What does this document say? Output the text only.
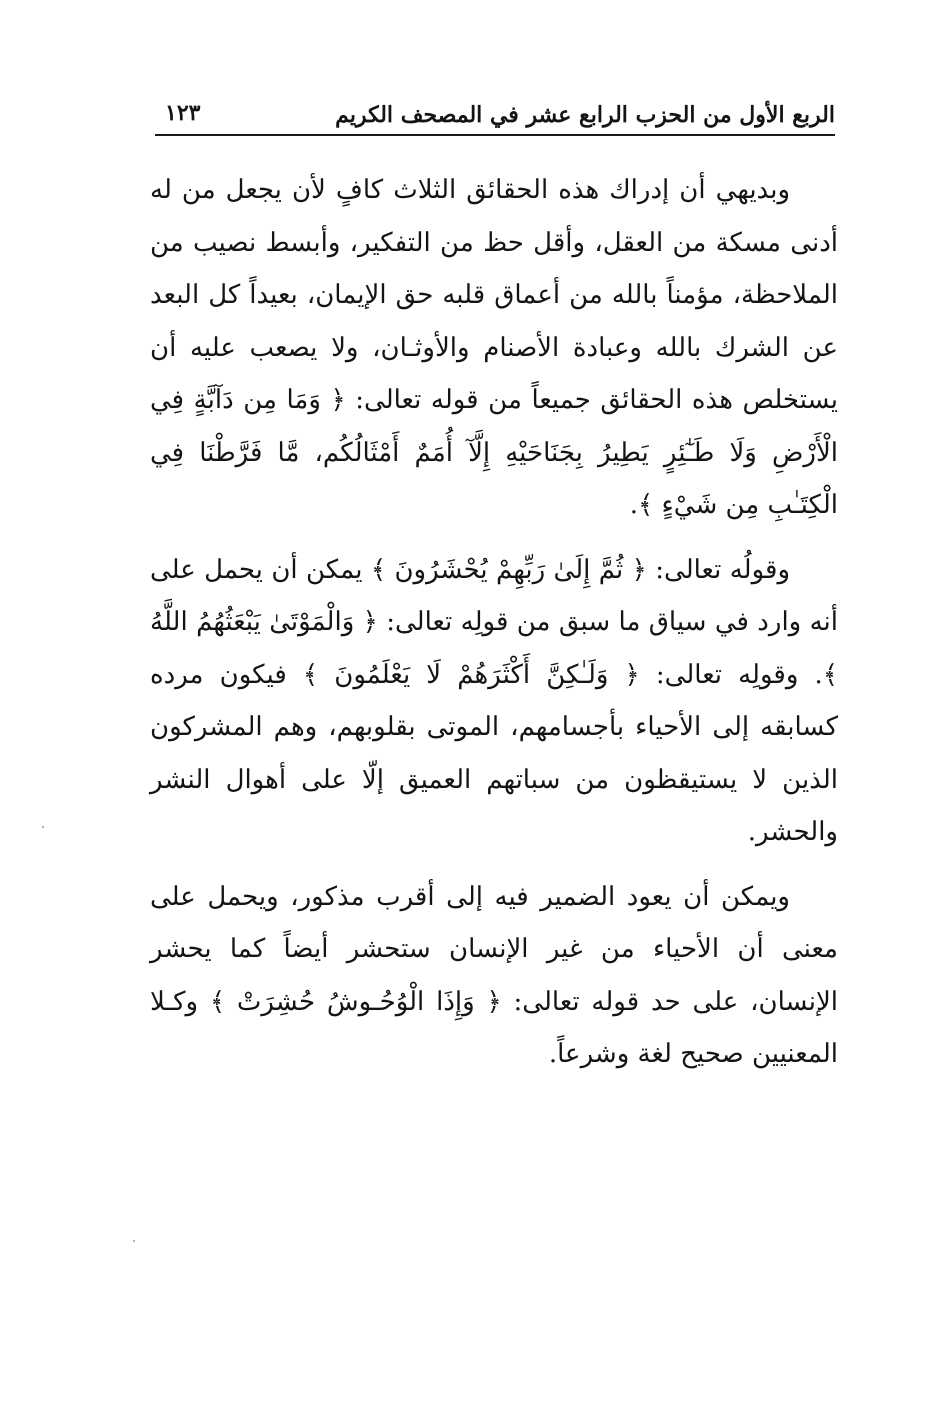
الربع الأول من الحزب الرابع عشر في المصحف الكريم
١٢٣

وبديهي أن إدراك هذه الحقائق الثلاث كافٍ لأن يجعل من له أدنى مسكة من العقل، وأقل حظ من التفكير، وأبسط نصيب من الملاحظة، مؤمناً بالله من أعماق قلبه حق الإيمان، بعيداً كل البعد عن الشرك بالله وعبادة الأصنام والأوثـان، ولا يصعب عليه أن يستخلص هذه الحقائق جميعاً من قوله تعالى: ﴿ وَمَا مِن دَآبَّةٍ فِي الْأَرْضِ وَلَا طَـٰٓئِرٍ يَطِيرُ بِجَنَاحَيْهِ إِلَّآ أُمَمٌ أَمْثَالُكُم، مَّا فَرَّطْنَا فِي الْكِتَـٰبِ مِن شَيْءٍ ﴾.

وقولُه تعالى: ﴿ ثُمَّ إِلَىٰ رَبِّهِمْ يُحْشَرُونَ ﴾ يمكن أن يحمل على أنه وارد في سياق ما سبق من قولِه تعالى: ﴿ وَالْمَوْتَىٰ يَبْعَثُهُمُ اللَّهُ ﴾. وقولِه تعالى: ﴿ وَلَـٰكِنَّ أَكْثَرَهُمْ لَا يَعْلَمُونَ ﴾ فيكون مرده كسابقه إلى الأحياء بأجسامهم، الموتى بقلوبهم، وهم المشركون الذين لا يستيقظون من سباتهم العميق إلّا على أهوال النشر والحشر.

ويمكن أن يعود الضمير فيه إلى أقرب مذكور، ويحمل على معنى أن الأحياء من غير الإنسان ستحشر أيضاً كما يحشر الإنسان، على حد قوله تعالى: ﴿ وَإِذَا الْوُحُـوشُ حُشِرَتْ ﴾ وكـلا المعنيين صحيح لغة وشرعاً.
